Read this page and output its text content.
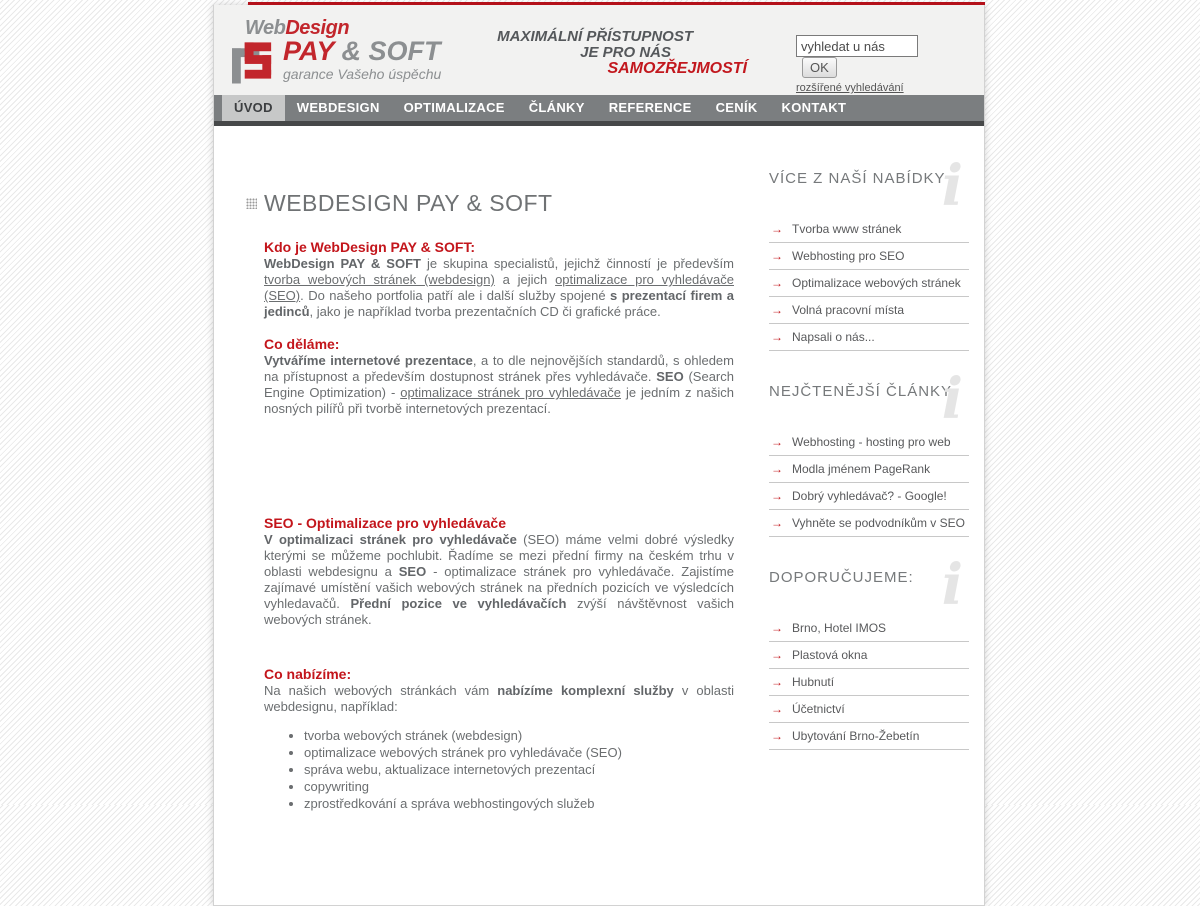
WebDesign
PAY & SOFT
garance Vašeho úspěchu
MAXIMÁLNÍ PŘÍSTUPNOST
JE PRO NÁS
SAMOZŘEJMOSTÍ
vyhledat u nás	OK
rozšířené vyhledávání
ÚVOD	WEBDESIGN	OPTIMALIZACE	ČLÁNKY	REFERENCE	CENÍK	KONTAKT
WEBDESIGN PAY & SOFT
Kdo je WebDesign PAY & SOFT:

WebDesign PAY & SOFT je skupina specialistů, jejichž činností je především tvorba webových stránek (webdesign) a jejich optimalizace pro vyhledávače (SEO). Do našeho portfolia patří ale i další služby spojené s prezentací firem a jedinců, jako je například tvorba prezentačních CD či grafické práce.

Co děláme:

Vytváříme internetové prezentace, a to dle nejnovějších standardů, s ohledem na přístupnost a především dostupnost stránek přes vyhledávače. SEO (Search Engine Optimization) - optimalizace stránek pro vyhledávače je jedním z našich nosných pilířů při tvorbě internetových prezentací.

SEO - Optimalizace pro vyhledávače

V optimalizaci stránek pro vyhledávače (SEO) máme velmi dobré výsledky kterými se můžeme pochlubit. Řadíme se mezi přední firmy na českém trhu v oblasti webdesignu a SEO - optimalizace stránek pro vyhledávače. Zajistíme zajímavé umístění vašich webových stránek na předních pozicích ve výsledcích vyhledavačů. Přední pozice ve vyhledávačích zvýší návštěvnost vašich webových stránek.

Co nabízíme:

Na našich webových stránkách vám nabízíme komplexní služby v oblasti webdesignu, například:

• tvorba webových stránek (webdesign)
• optimalizace webových stránek pro vyhledávače (SEO)
• správa webu, aktualizace internetových prezentací
• copywriting
• zprostředkování a správa webhostingových služeb
VÍCE Z NAŠÍ NABÍDKY
i
→ Tvorba www stránek
→ Webhosting pro SEO
→ Optimalizace webových stránek
→ Volná pracovní místa
→ Napsali o nás...
NEJČTENĚJŠÍ ČLÁNKY
i
→ Webhosting - hosting pro web
→ Modla jménem PageRank
→ Dobrý vyhledávač? - Google!
→ Vyhněte se podvodníkům v SEO
DOPORUČUJEME: i
→ Brno, Hotel IMOS
→ Plastová okna
→ Hubnutí
→ Účetnictví
→ Ubytování Brno-Žebetín
